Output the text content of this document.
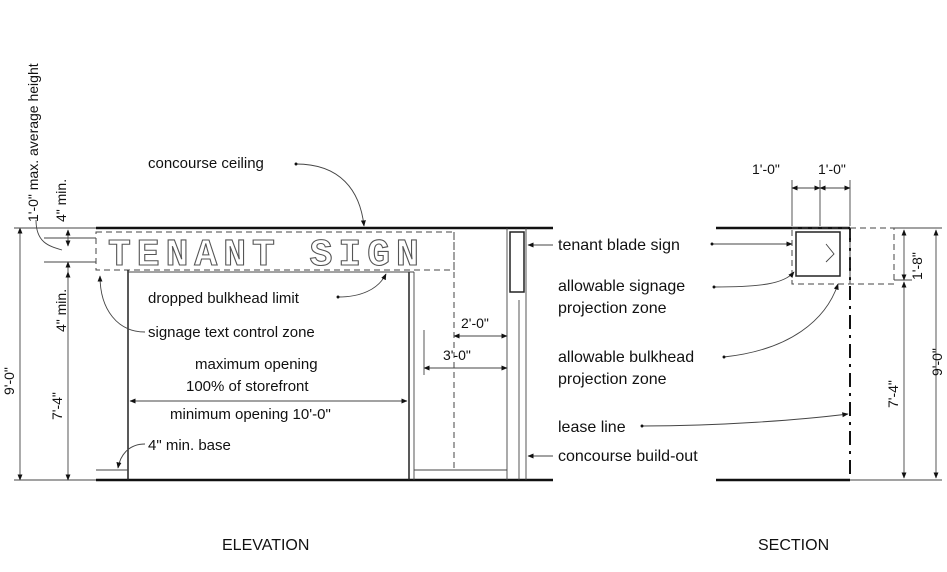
TENANT SIGN
9'-0"
7'-4"
4" min.
1'-0" max. average height
4" min.	2'-0"
3'-0"
concourse ceiling
dropped bulkhead limit
signage text control zone
maximum opening
100% of storefront
minimum opening 10'-0"
4" min. base
ELEVATION
1'-0"	1'-0"
1'-8"
7'-4"
9'-0"
tenant blade sign
allowable signage
projection zone
allowable bulkhead
projection zone
lease line
concourse build-out
SECTION
